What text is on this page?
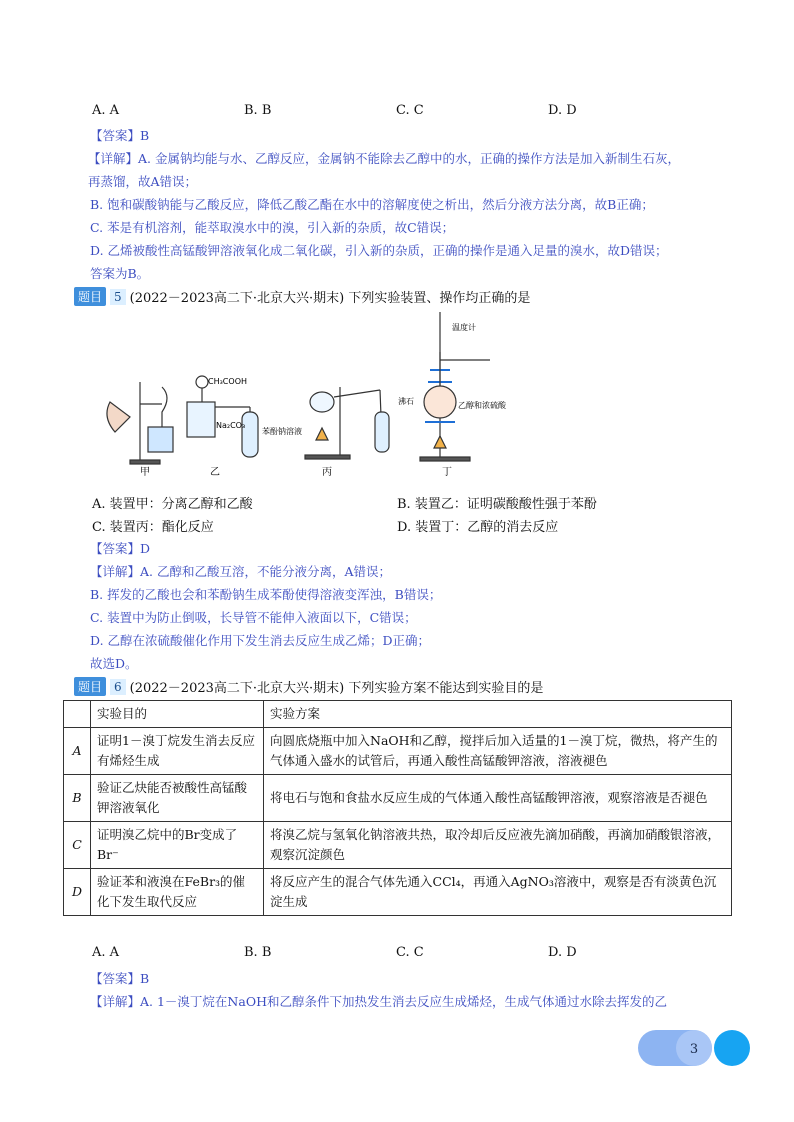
A. A	B. B	C. C	D. D
【答案】B
【详解】A. 金属钠均能与水、乙醇反应，金属钠不能除去乙醇中的水，正确的操作方法是加入新制生石灰，
再蒸馏，故A错误；
B. 饱和碳酸钠能与乙酸反应，降低乙酸乙酯在水中的溶解度使之析出，然后分液方法分离，故B正确；
C. 苯是有机溶剂，能萃取溴水中的溴，引入新的杂质，故C错误；
D. 乙烯被酸性高锰酸钾溶液氧化成二氧化碳，引入新的杂质，正确的操作是通入足量的溴水，故D错误；
答案为B。
题目	5 (2022－2023高二下·北京大兴·期末) 下列实验装置、操作均正确的是
甲
CH₃COOH
Na₂CO₃
苯酚钠溶液
乙	丙
温度计
沸石	乙醇和浓硫酸
丁
A. 装置甲：分离乙醇和乙酸	B. 装置乙：证明碳酸酸性强于苯酚
C. 装置丙：酯化反应	D. 装置丁：乙醇的消去反应
【答案】D
【详解】A. 乙醇和乙酸互溶，不能分液分离，A错误；
B. 挥发的乙酸也会和苯酚钠生成苯酚使得溶液变浑浊，B错误；
C. 装置中为防止倒吸，长导管不能伸入液面以下，C错误；
D. 乙醇在浓硫酸催化作用下发生消去反应生成乙烯；D正确；
故选D。
题目	6 (2022－2023高二下·北京大兴·期末) 下列实验方案不能达到实验目的是
	实验目的	实验方案
A	证明1－溴丁烷发生消去反应有烯烃生成	向圆底烧瓶中加入NaOH和乙醇，搅拌后加入适量的1－溴丁烷，微热，将产生的气体通入盛水的试管后，再通入酸性高锰酸钾溶液，溶液褪色
B	验证乙炔能否被酸性高锰酸钾溶液氧化	将电石与饱和食盐水反应生成的气体通入酸性高锰酸钾溶液，观察溶液是否褪色
C	证明溴乙烷中的Br变成了Br⁻	将溴乙烷与氢氧化钠溶液共热，取冷却后反应液先滴加硝酸，再滴加硝酸银溶液，观察沉淀颜色
D	验证苯和液溴在FeBr₃的催化下发生取代反应	将反应产生的混合气体先通入CCl₄，再通入AgNO₃溶液中，观察是否有淡黄色沉淀生成
A. A	B. B	C. C	D. D
【答案】B
【详解】A. 1－溴丁烷在NaOH和乙醇条件下加热发生消去反应生成烯烃，生成气体通过水除去挥发的乙
3
